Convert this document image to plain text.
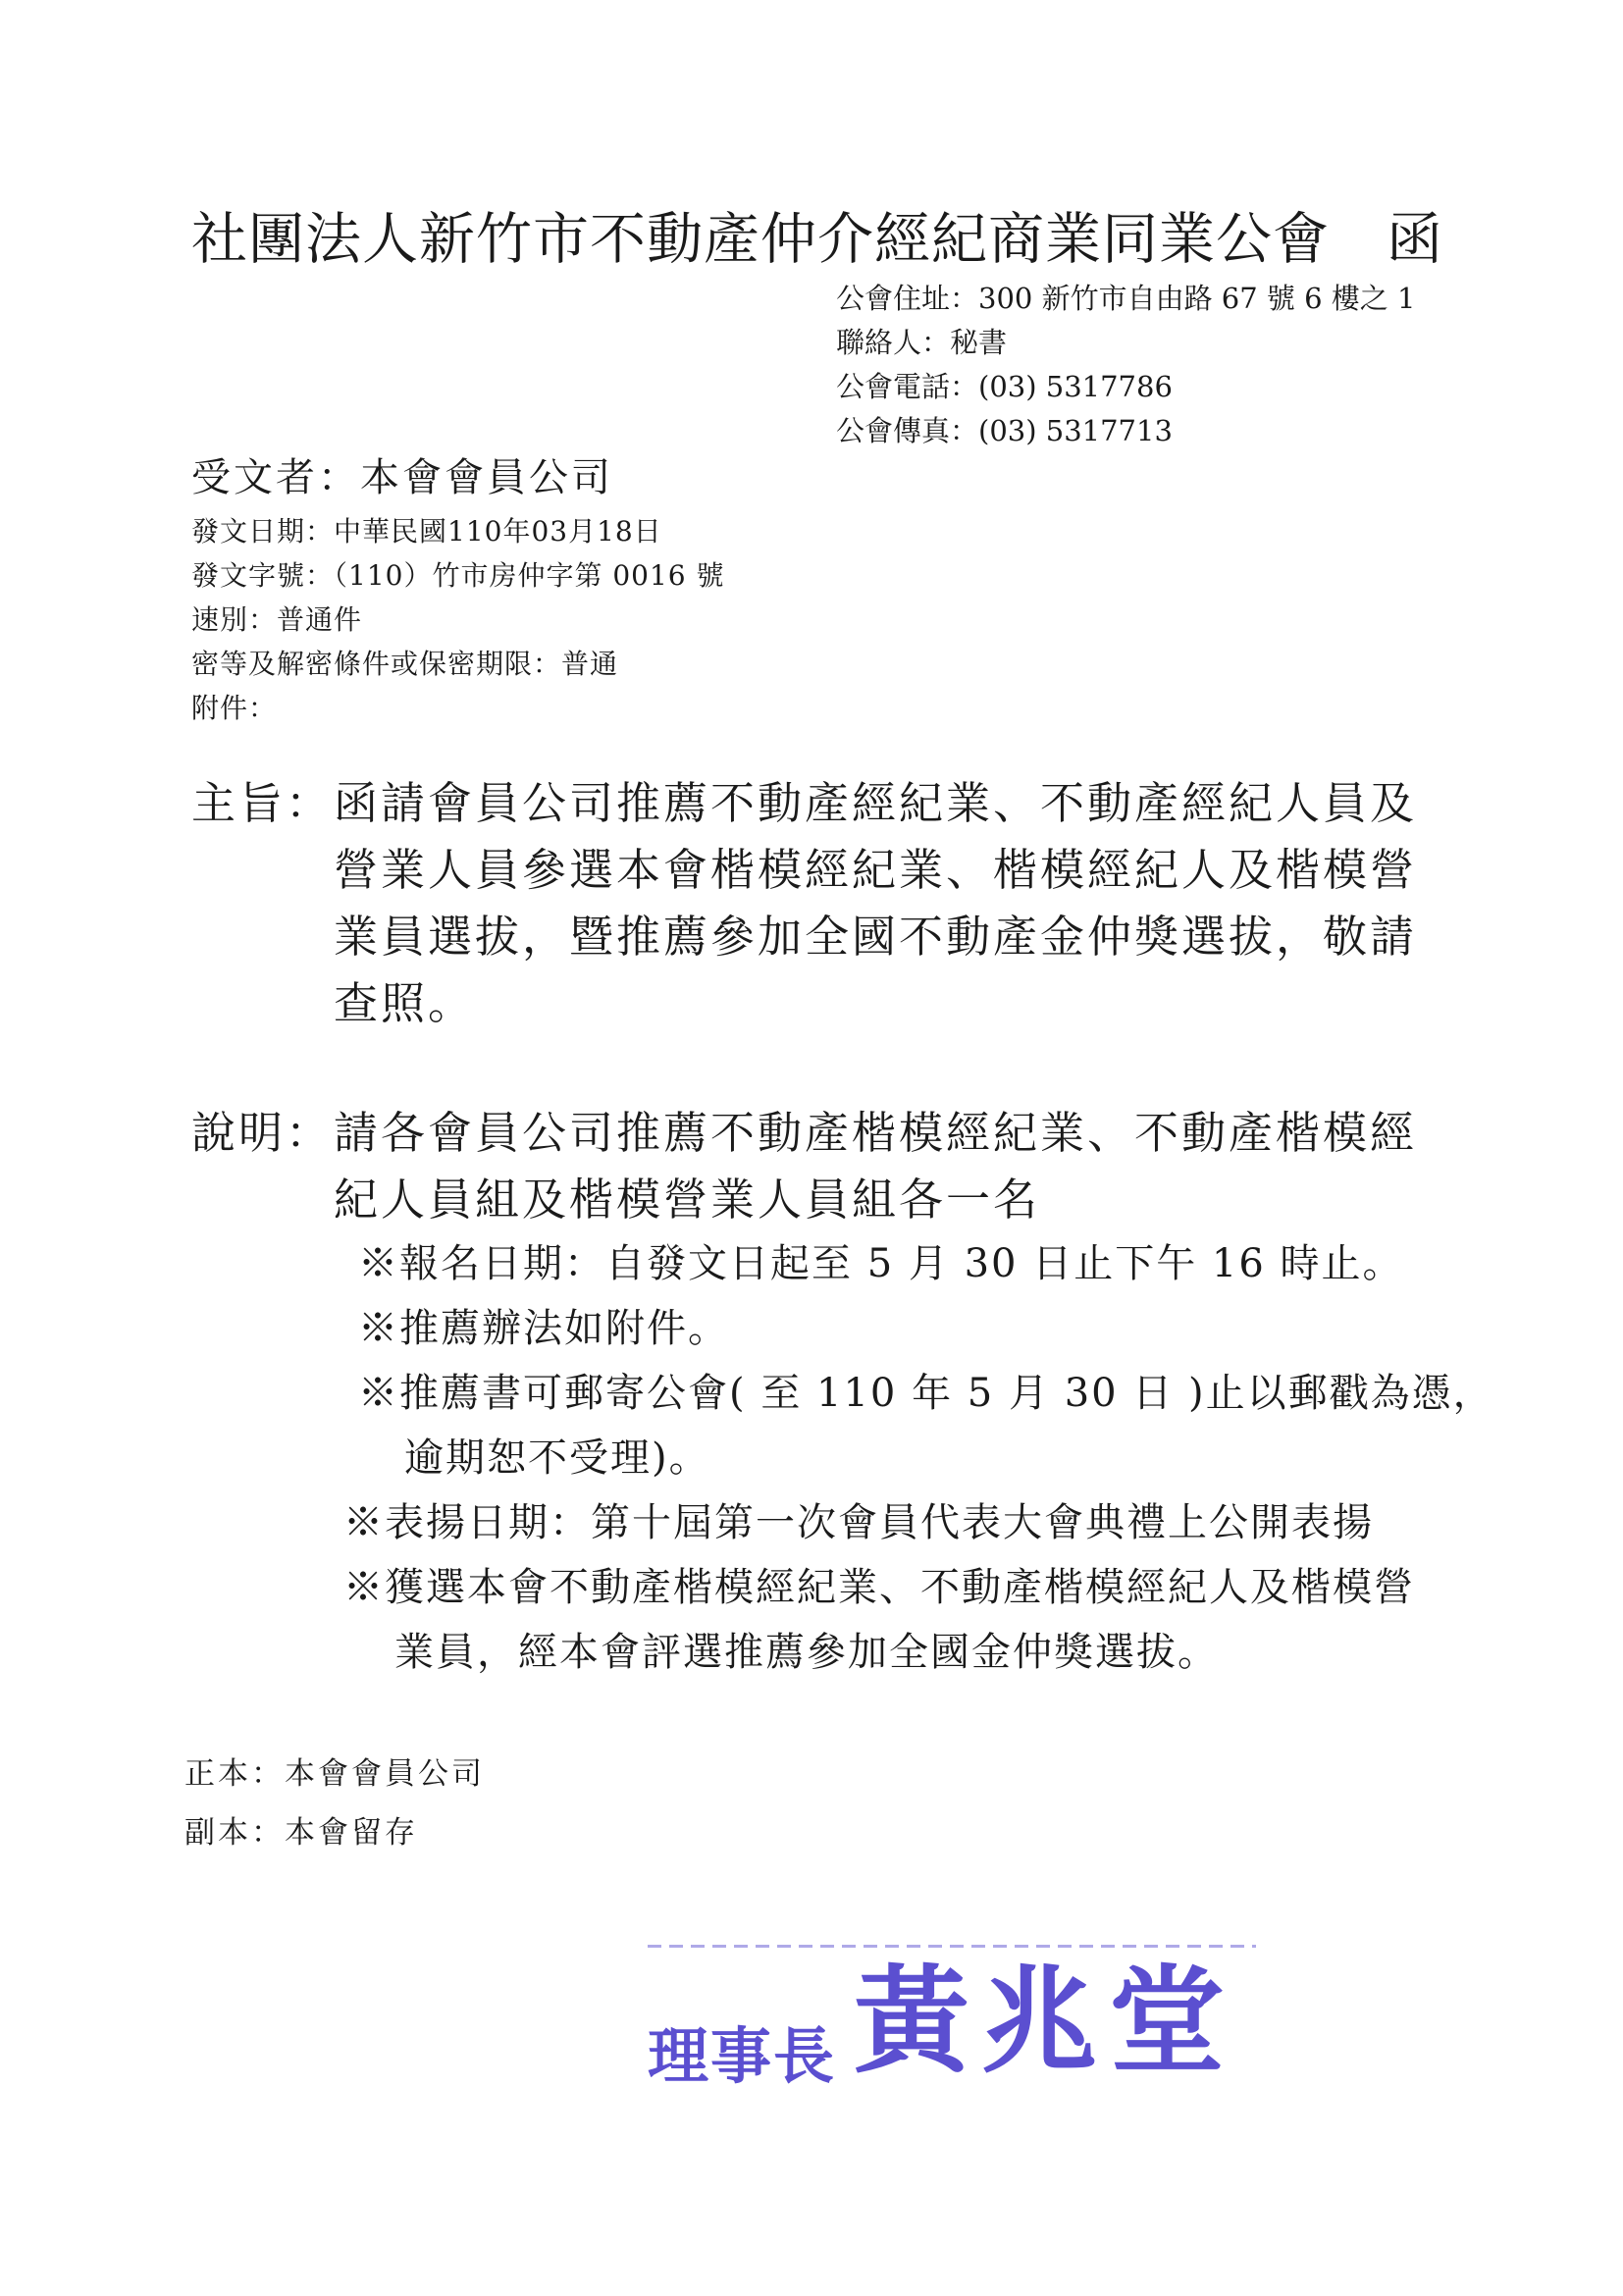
社團法人新竹市不動產仲介經紀商業同業公會 函
公會住址：300 新竹市自由路 67 號 6 樓之 1
聯絡人：秘書
公會電話：(03) 5317786
公會傳真：(03) 5317713
受文者：本會會員公司
發文日期：中華民國110年03月18日
發文字號：（110）竹市房仲字第 0016 號
速別：普通件
密等及解密條件或保密期限：普通
附件：
主旨： 函請會員公司推薦不動產經紀業、不動產經紀人員及
營業人員參選本會楷模經紀業、楷模經紀人及楷模營
業員選拔，暨推薦參加全國不動產金仲獎選拔，敬請
查照。
說明： 請各會員公司推薦不動產楷模經紀業、不動產楷模經
紀人員組及楷模營業人員組各一名
※報名日期：自發文日起至 5 月 30 日止下午 16 時止。
※推薦辦法如附件。
※推薦書可郵寄公會( 至 110 年 5 月 30 日 )止以郵戳為憑，
逾期恕不受理)。
※表揚日期：第十屆第一次會員代表大會典禮上公開表揚
※獲選本會不動產楷模經紀業、不動產楷模經紀人及楷模營
業員，經本會評選推薦參加全國金仲獎選拔。
正本：本會會員公司
副本：本會留存
理事長 黃兆堂
